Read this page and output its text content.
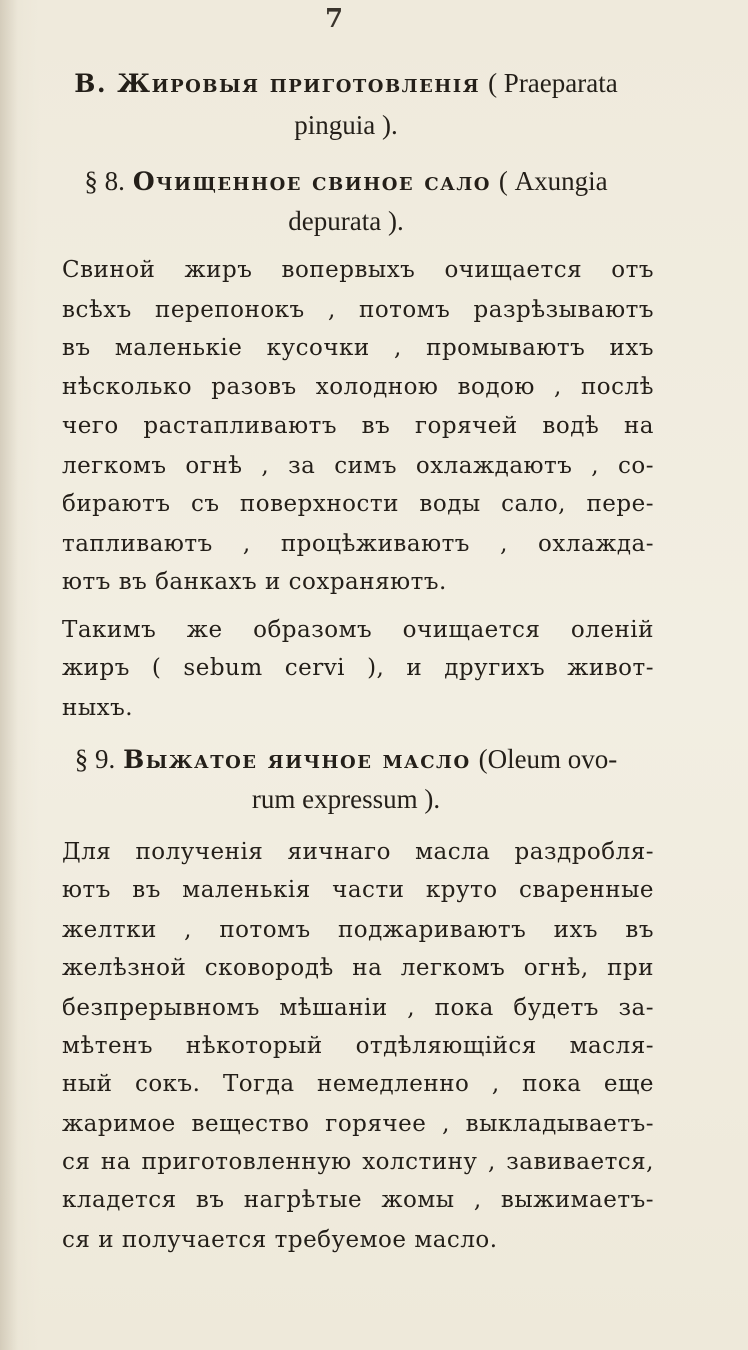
7
В. Жировыя приготовленія ( Praeparata
pinguia ).
§ 8. Очищенное свиное сало ( Axungia
depurata ).
Свиной жиръ вопервыхъ очищается отъ
всѣхъ перепонокъ , потомъ разрѣзываютъ
въ маленькіе кусочки , промываютъ ихъ
нѣсколько разовъ холодною водою , послѣ
чего растапливаютъ въ горячей водѣ на
легкомъ огнѣ , за симъ охлаждаютъ , со-
бираютъ съ поверхности воды сало, пере-
тапливаютъ , процѣживаютъ , охлажда-
ютъ въ банкахъ и сохраняютъ.
Такимъ же образомъ очищается оленій
жиръ ( sebum cervi ), и другихъ живот-
ныхъ.
§ 9. Выжатое яичное масло (Oleum ovo-
rum expressum ).
Для полученія яичнаго масла раздробля-
ютъ въ маленькія части круто сваренные
желтки , потомъ поджариваютъ ихъ въ
желѣзной сковородѣ на легкомъ огнѣ, при
безпрерывномъ мѣшаніи , пока будетъ за-
мѣтенъ нѣкоторый отдѣляющійся масля-
ный сокъ. Тогда немедленно , пока еще
жаримое вещество горячее , выкладываетъ-
ся на приготовленную холстину , завивается,
кладется въ нагрѣтые жомы , выжимаетъ-
ся и получается требуемое масло.
